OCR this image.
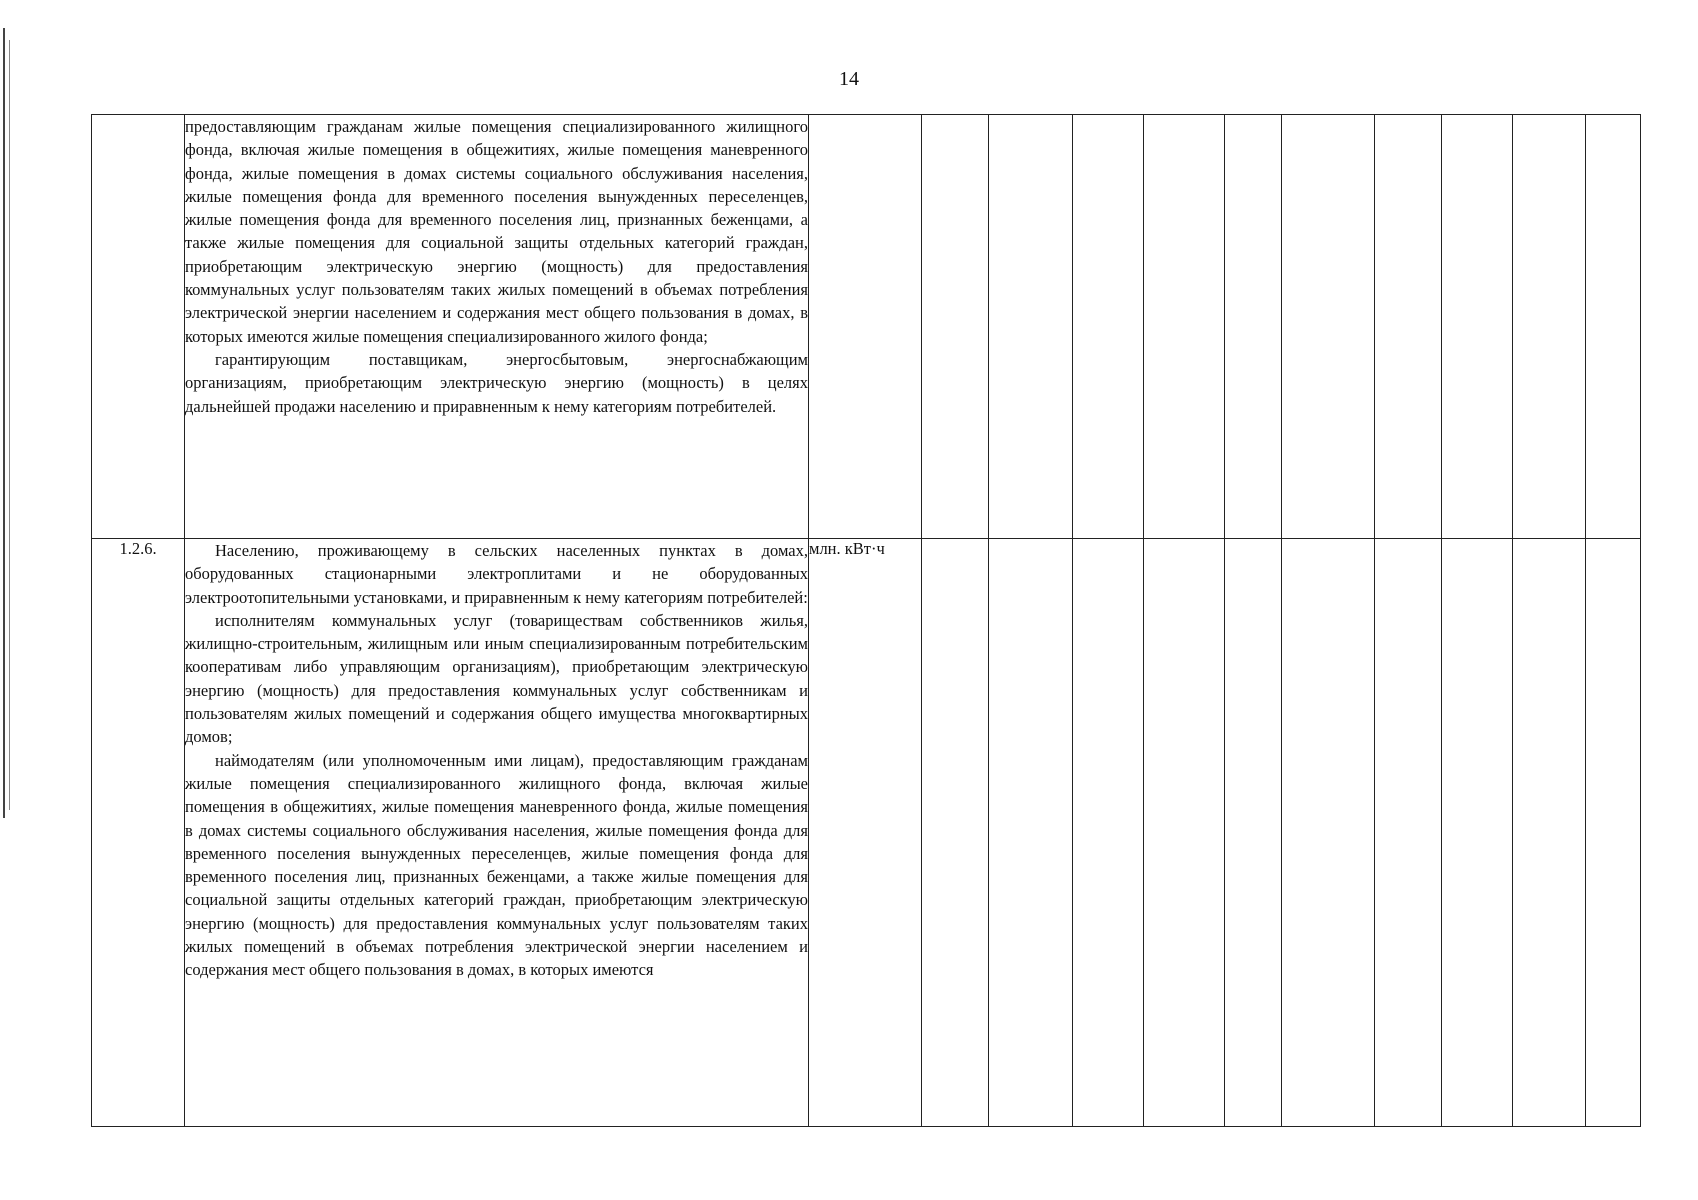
14

	предоставляющим гражданам жилые помещения специализированного жилищного фонда, включая жилые помещения в общежитиях, жилые помещения маневренного фонда, жилые помещения в домах системы социального обслуживания населения, жилые помещения фонда для временного поселения вынужденных переселенцев, жилые помещения фонда для временного поселения лиц, признанных беженцами, а также жилые помещения для социальной защиты отдельных категорий граждан, приобретающим электрическую энергию (мощность) для предоставления коммунальных услуг пользователям таких жилых помещений в объемах потребления электрической энергии населением и содержания мест общего пользования в домах, в которых имеются жилые помещения специализированного жилого фонда;

гарантирующим поставщикам, энергосбытовым, энергоснабжающим организациям, приобретающим электрическую энергию (мощность) в целях дальнейшей продажи населению и приравненным к нему категориям потребителей.											

1.2.6.	Населению, проживающему в сельских населенных пунктах в домах, оборудованных стационарными электроплитами и не оборудованных электроотопительными установками, и приравненным к нему категориям потребителей:

исполнителям коммунальных услуг (товариществам собственников жилья, жилищно-строительным, жилищным или иным специализированным потребительским кооперативам либо управляющим организациям), приобретающим электрическую энергию (мощность) для предоставления коммунальных услуг собственникам и пользователям жилых помещений и содержания общего имущества многоквартирных домов;

наймодателям (или уполномоченным ими лицам), предоставляющим гражданам жилые помещения специализированного жилищного фонда, включая жилые помещения в общежитиях, жилые помещения маневренного фонда, жилые помещения в домах системы социального обслуживания населения, жилые помещения фонда для временного поселения вынужденных переселенцев, жилые помещения фонда для временного поселения лиц, признанных беженцами, а также жилые помещения для социальной защиты отдельных категорий граждан, приобретающим электрическую энергию (мощность) для предоставления коммунальных услуг пользователям таких жилых помещений в объемах потребления электрической энергии населением и содержания мест общего пользования в домах, в которых имеются	млн. кВт·ч										
